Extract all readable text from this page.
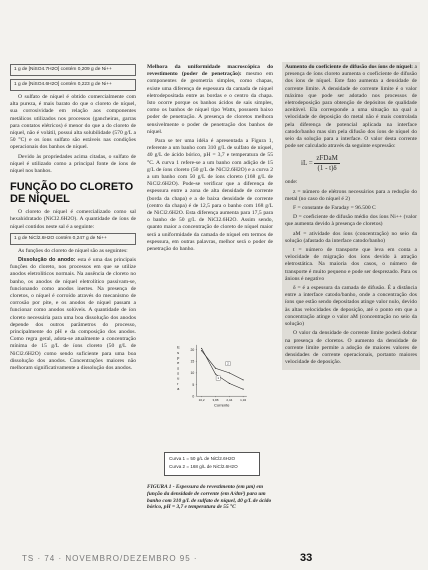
1 g de [NiSO4.7H2O] contém 0,209 g de Ni++
1 g de [NiSO4.6H2O] contém 0,223 g de Ni++

O sulfato de níquel é obtido comercialmente com alta pureza, é mais barato do que o cloreto de níquel, sua corrosividade em relação aos componentes metálicos utilizados nos processos (gancheiras, garras para contatos elétricos) é menor do que a do cloreto de níquel, não é volátil, possui alta solubilidade (570 g/L a 50 °C) e os íons sulfato são estáveis nas condições operacionais dos banhos de níquel.

Devido às propriedades acima citadas, o sulfato de níquel é utilizado como a principal fonte de íons de níquel nos banhos.

FUNÇÃO DO CLORETO DE NÍQUEL

O cloreto de níquel é comercializado como sal hexahidratado (NiCl2.6H2O). A quantidade de íons de níquel contidos neste sal é a seguinte:

1 g de NiCl2.6H2O contém 0,247 g de Ni++

As funções do cloreto de níquel são as seguintes:

Dissolução do anodo: esta é uma das principais funções do cloreto, nos processos em que se utilize anodos eletrolíticos normais. Na ausência de cloreto no banho, os anodos de níquel eletrolítico passivam-se, funcionando como anodos inertes. Na presença de cloretos, o níquel é corroído através do mecanismo de corrosão por pite, e os anodos de níquel passam a funcionar como anodos solúveis. A quantidade de íon cloreto necessária para uma boa dissolução dos anodos depende dos outros parâmetros do processo, principalmente do pH e da composição dos anodos. Como regra geral, adota-se atualmente a concentração mínima de 15 g/L de íons cloreto (50 g/L de NiCl2.6H2O) como sendo suficiente para uma boa dissolução dos anodos. Concentrações maiores não melhoram significativamente a dissolução dos anodos.

Melhora da uniformidade macroscópica do revestimento (poder de penetração): mesmo em componentes de geometria simples, como chapas, existe uma diferença de espessura da camada de níquel eletrodepositada entre as bordas e o centro da chapa. Isto ocorre porque os banhos ácidos de sais simples, como os banhos de níquel tipo Watts, possuem baixo poder de penetração. A presença de cloretos melhora sensivelmente o poder de penetração dos banhos de níquel.

Para se ter uma idéia é apresentada a Figura 1, referente a um banho com 310 g/L de sulfato de níquel, 40 g/L de ácido bórico, pH = 3,7 e temperatura de 55 °C. A curva 1 refere-se a um banho com adição de 15 g/L de íons cloreto (50 g/L de NiCl2.6H2O) e a curva 2 a um banho com 50 g/L de íons cloreto (168 g/L de NiCl2.6H2O). Pode-se verificar que a diferença de espessura entre a zona de alta densidade de corrente (borda da chapa) e a de baixa densidade de corrente (centro da chapa) é de 12,5 para o banho com 168 g/L de NiCl2.6H2O. Esta diferença aumenta para 17,5 para o banho de 50 g/L de NiCl2.6H2O. Assim sendo, quanto maior a concentração de cloreto de níquel maior será a uniformidade da camada de níquel em termos de espessura, em outras palavras, melhor será o poder de penetração do banho.

E
s
p
e
s
s
u
r
a
20
15
10
5
0
10,2 3,88 2,44 1,34
Corrente
1
2
Curva 1 = 50 g/L de NiCl2.6H2O
Curva 2 = 168 g/L de NiCl2.6H2O
FIGURA 1 - Espessura do revestimento (em µm) em função da densidade de corrente (em A/dm²) para um banho com 310 g/L de sulfato de níquel, 40 g/L de ácido bórico, pH = 3,7 e temperatura de 55 °C

Aumento do coeficiente de difusão dos íons de níquel: a presença de íons cloreto aumenta o coeficiente de difusão dos íons de níquel. Este fato aumenta a densidade de corrente limite. A densidade de corrente limite é o valor máximo que pode ser adotado nos processos de eletrodeposição para obtenção de depósitos de qualidade aceitável. Ela corresponde a uma situação na qual a velocidade de deposição do metal não é mais controlada pela diferença de potencial aplicada na interface catodo/banho mas sim pela difusão dos íons de níquel do seio da solução para a interface. O valor desta corrente pode ser calculado através da seguinte expressão:

iL = $\frac{\text{zFDaM}}{(1 - t)\delta}$

onde:

z = número de elétrons necessários para a redução do metal (no caso do níquel é 2)

F = constante de Faraday = 96.500 C

D = coeficiente de difusão médio dos íons Ni++ (valor que aumenta devido à presença de cloretos)

aM = atividade dos íons (concentração) no seio da solução (afastado da interface catodo/banho)

t = número de transporte que leva em conta a velocidade de migração dos íons devido à atração eletrostática. Na maioria dos casos, o número de transporte é muito pequeno e pode ser desprezado. Para os ânions é negativo

δ = é a espessura da camada de difusão. É a distância entre a interface catodo/banho, onde a concentração dos íons que estão sendo depositados atinge valor nulo, devido às altas velocidades de deposição, até o ponto em que a concentração atinge o valor aM (concentração no seio da solução)

O valor da densidade de corrente limite poderá dobrar na presença de cloretos. O aumento da densidade de corrente limite permite a adoção de maiores valores de densidades de corrente operacionais, portanto maiores velocidade de deposição.

TS · 74 · NOVEMBRO/DEZEMBRO 95 ·	33
